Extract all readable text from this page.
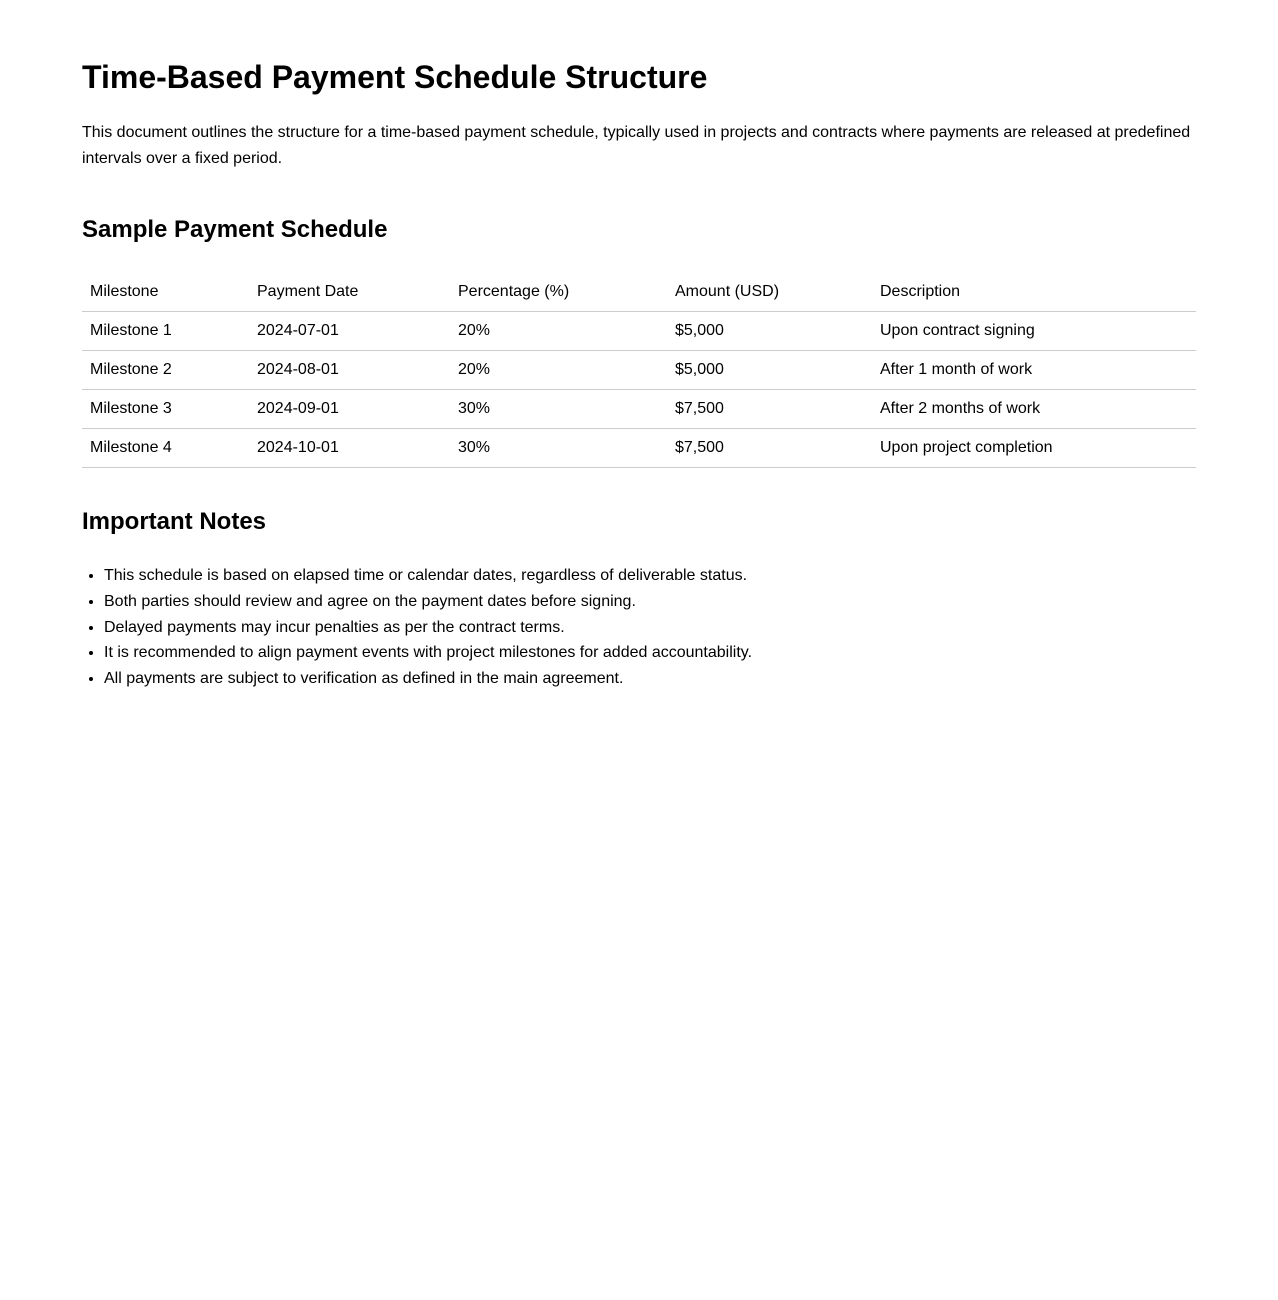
Time-Based Payment Schedule Structure

This document outlines the structure for a time-based payment schedule, typically used in projects and contracts where payments are released at predefined intervals over a fixed period.

Sample Payment Schedule
Milestone	Payment Date	Percentage (%)	Amount (USD)	Description
Milestone 1	2024-07-01	20%	$5,000	Upon contract signing
Milestone 2	2024-08-01	20%	$5,000	After 1 month of work
Milestone 3	2024-09-01	30%	$7,500	After 2 months of work
Milestone 4	2024-10-01	30%	$7,500	Upon project completion
Important Notes
• This schedule is based on elapsed time or calendar dates, regardless of deliverable status.
• Both parties should review and agree on the payment dates before signing.
• Delayed payments may incur penalties as per the contract terms.
• It is recommended to align payment events with project milestones for added accountability.
• All payments are subject to verification as defined in the main agreement.
